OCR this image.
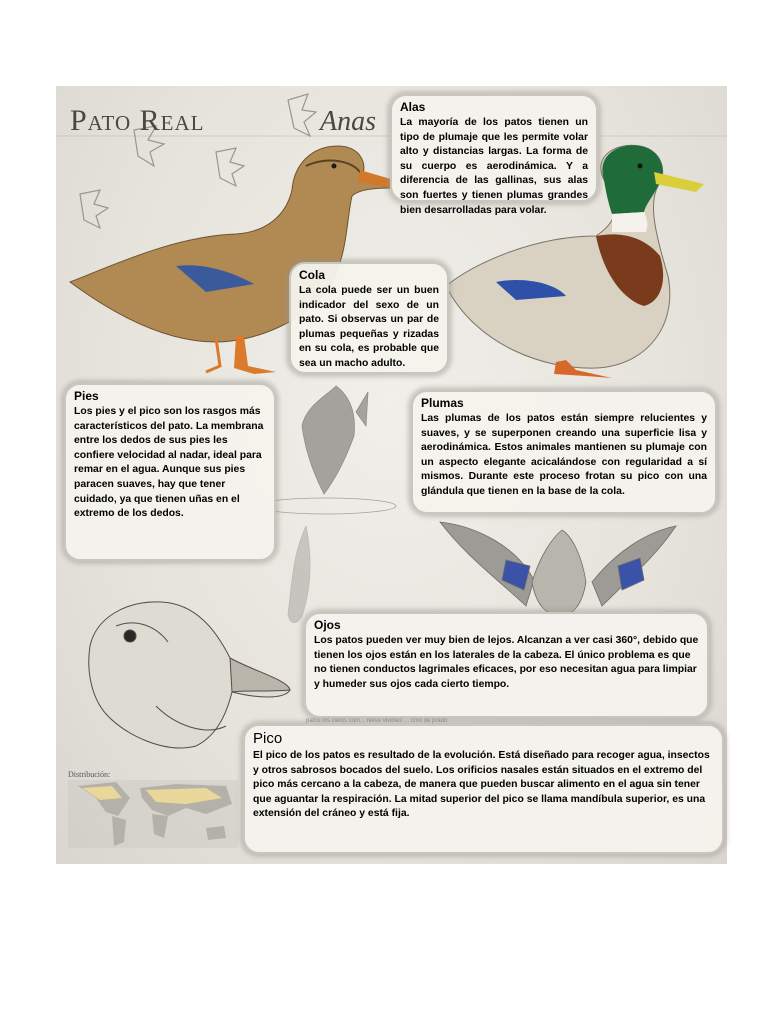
Pato Real	Anas
Distribución:
patos los cielos com... nieve vivibles ... cmo de prado
Alas

La mayoría de los patos tienen un tipo de plumaje que les permite volar alto y distancias largas. La forma de su cuerpo es aerodinámica. Y a diferencia de las gallinas, sus alas son fuertes y tienen plumas grandes bien desarrolladas para volar.

Cola

La cola puede ser un buen indicador del sexo de un pato. Si observas un par de plumas pequeñas y rizadas en su cola, es probable que sea un macho adulto.

Pies

Los pies y el pico son los rasgos más característicos del pato. La membrana entre los dedos de sus pies les confiere velocidad al nadar, ideal para remar en el agua. Aunque sus pies paracen suaves, hay que tener cuidado, ya que tienen uñas en el extremo de los dedos.

Plumas

Las plumas de los patos están siempre relucientes y suaves, y se superponen creando una superficie lisa y aerodinámica. Estos animales mantienen su plumaje con un aspecto elegante acicalándose con regularidad a sí mismos. Durante este proceso frotan su pico con una glándula que tienen en la base de la cola.

Ojos

Los patos pueden ver muy bien de lejos. Alcanzan a ver casi 360°, debido que tienen los ojos están en los laterales de la cabeza. El único problema es que no tienen conductos lagrimales eficaces, por eso necesitan agua para limpiar y humeder sus ojos cada cierto tiempo.

Pico

El pico de los patos es resultado de la evolución. Está diseñado para recoger agua, insectos y otros sabrosos bocados del suelo. Los orificios nasales están situados en el extremo del pico más cercano a la cabeza, de manera que pueden buscar alimento en el agua sin tener que aguantar la respiración. La mitad superior del pico se llama mandíbula superior, es una extensión del cráneo y está fija.
